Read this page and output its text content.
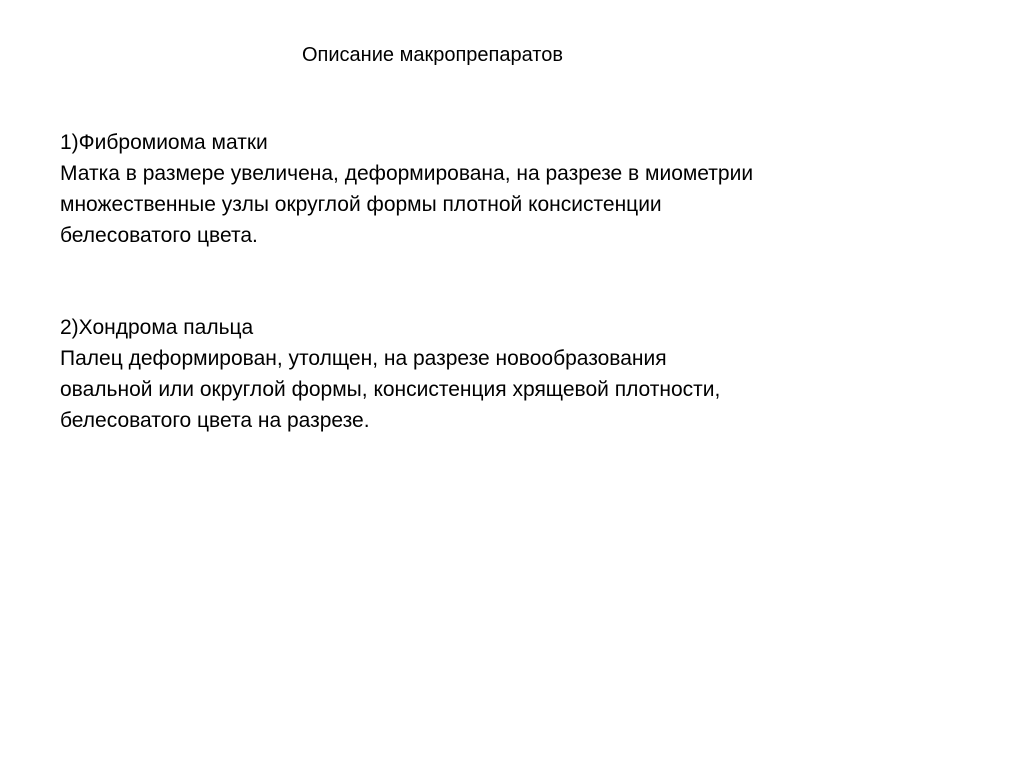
Описание макропрепаратов
1)Фибромиома матки
Матка в размере увеличена, деформирована, на разрезе в миометрии
множественные узлы округлой формы плотной консистенции
белесоватого цвета.
2)Хондрома пальца
Палец деформирован, утолщен, на разрезе новообразования
овальной или округлой формы, консистенция хрящевой плотности,
белесоватого цвета на разрезе.
